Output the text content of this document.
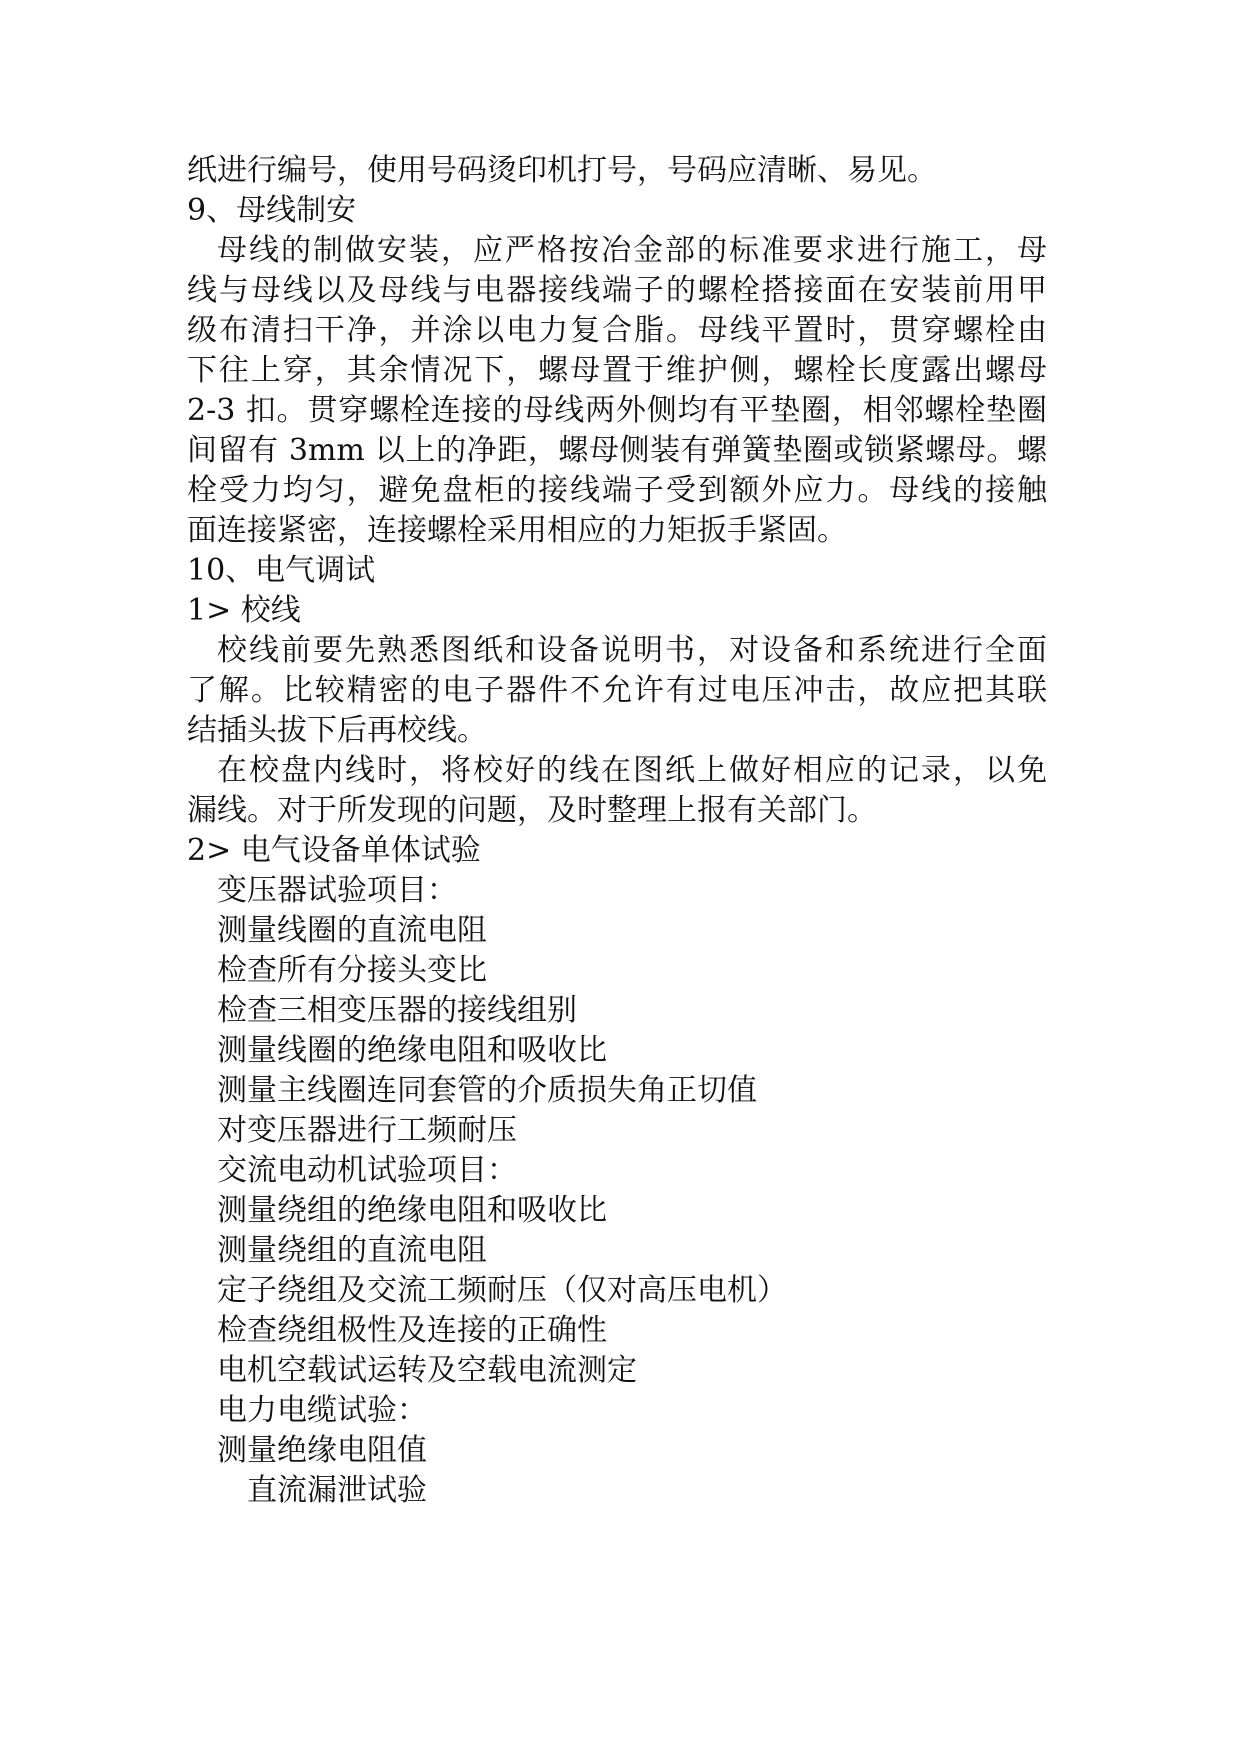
纸进行编号，使用号码烫印机打号，号码应清晰、易见。
9、母线制安
母线的制做安装，应严格按冶金部的标准要求进行施工，母
线与母线以及母线与电器接线端子的螺栓搭接面在安装前用甲
级布清扫干净，并涂以电力复合脂。母线平置时，贯穿螺栓由
下往上穿，其余情况下，螺母置于维护侧，螺栓长度露出螺母
2-3 扣。贯穿螺栓连接的母线两外侧均有平垫圈，相邻螺栓垫圈
间留有 3mm 以上的净距，螺母侧装有弹簧垫圈或锁紧螺母。螺
栓受力均匀，避免盘柜的接线端子受到额外应力。母线的接触
面连接紧密，连接螺栓采用相应的力矩扳手紧固。
10、电气调试
1> 校线
校线前要先熟悉图纸和设备说明书，对设备和系统进行全面
了解。比较精密的电子器件不允许有过电压冲击，故应把其联
结插头拔下后再校线。
在校盘内线时，将校好的线在图纸上做好相应的记录，以免
漏线。对于所发现的问题，及时整理上报有关部门。
2> 电气设备单体试验
变压器试验项目：
测量线圈的直流电阻
检查所有分接头变比
检查三相变压器的接线组别
测量线圈的绝缘电阻和吸收比
测量主线圈连同套管的介质损失角正切值
对变压器进行工频耐压
交流电动机试验项目：
测量绕组的绝缘电阻和吸收比
测量绕组的直流电阻
定子绕组及交流工频耐压（仅对高压电机）
检查绕组极性及连接的正确性
电机空载试运转及空载电流测定
电力电缆试验：
测量绝缘电阻值
直流漏泄试验
